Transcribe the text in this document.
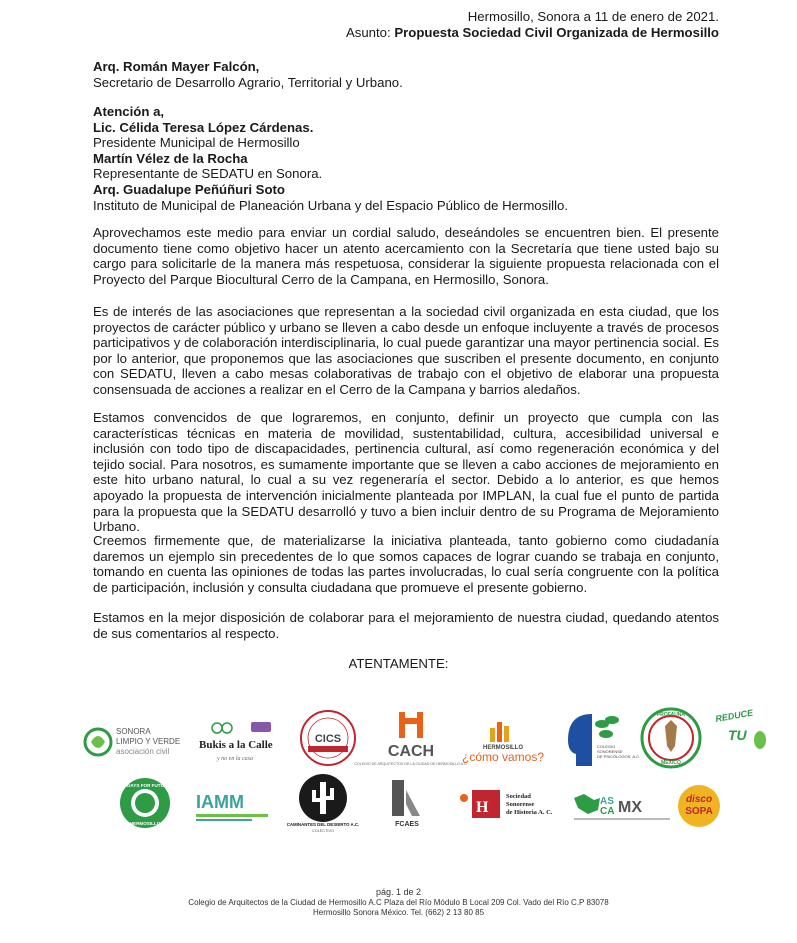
Hermosillo, Sonora a 11 de enero de 2021.
Asunto: Propuesta Sociedad Civil Organizada de Hermosillo
Arq. Román Mayer Falcón,
Secretario de Desarrollo Agrario, Territorial y Urbano.
Atención a,
Lic. Célida Teresa López Cárdenas.
Presidente Municipal de Hermosillo
Martín Vélez de la Rocha
Representante de SEDATU en Sonora.
Arq. Guadalupe Peñúñuri Soto
Instituto de Municipal de Planeación Urbana y del Espacio Público de Hermosillo.
Aprovechamos este medio para enviar un cordial saludo, deseándoles se encuentren bien. El presente documento tiene como objetivo hacer un atento acercamiento con la Secretaría que tiene usted bajo su cargo para solicitarle de la manera más respetuosa, considerar la siguiente propuesta relacionada con el Proyecto del Parque Biocultural Cerro de la Campana, en Hermosillo, Sonora.
Es de interés de las asociaciones que representan a la sociedad civil organizada en esta ciudad, que los proyectos de carácter público y urbano se lleven a cabo desde un enfoque incluyente a través de procesos participativos y de colaboración interdisciplinaria, lo cual puede garantizar una mayor pertinencia social. Es por lo anterior, que proponemos que las asociaciones que suscriben el presente documento, en conjunto con SEDATU, lleven a cabo mesas colaborativas de trabajo con el objetivo de elaborar una propuesta consensuada de acciones a realizar en el Cerro de la Campana y barrios aledaños.
Estamos convencidos de que lograremos, en conjunto, definir un proyecto que cumpla con las características técnicas en materia de movilidad, sustentabilidad, cultura, accesibilidad universal e inclusión con todo tipo de discapacidades, pertinencia cultural, así como regeneración económica y del tejido social. Para nosotros, es sumamente importante que se lleven a cabo acciones de mejoramiento en este hito urbano natural, lo cual a su vez regeneraría el sector. Debido a lo anterior, es que hemos apoyado la propuesta de intervención inicialmente planteada por IMPLAN, la cual fue el punto de partida para la propuesta que la SEDATU desarrolló y tuvo a bien incluir dentro de su Programa de Mejoramiento Urbano.
Creemos firmemente que, de materializarse la iniciativa planteada, tanto gobierno como ciudadanía daremos un ejemplo sin precedentes de lo que somos capaces de lograr cuando se trabaja en conjunto, tomando en cuenta las opiniones de todas las partes involucradas, lo cual sería congruente con la política de participación, inclusión y consulta ciudadana que promueve el presente gobierno.
Estamos en la mejor disposición de colaborar para el mejoramiento de nuestra ciudad, quedando atentos de sus comentarios al respecto.
ATENTAMENTE:
SONORA
LIMPIO Y VERDE
asociación civil
Bukis a la Calle
y no en la casa
CICS
CACH
COLEGIO DE ARQUITECTOS DE LA CIUDAD DE HERMOSILLO A.C.
HERMOSILLO
¿cómo vamos?
COLEGIO
SONORENSE
DE PSICÓLOGOS, A.C.
PROFAUNA
MÉXICO
REDUCE
TU
FRIDAYS FOR FUTURE
HERMOSILLO
IAMM
CAMINANTES DEL DESIERTO A.C.
COLECTIVO
FCAES
H
Sociedad
Sonorense
de Historia A. C.
AS
CA MX	disco
SOPA
pág. 1 de 2
Colegio de Arquitectos de la Ciudad de Hermosillo A.C Plaza del Río Módulo B Local 209 Col. Vado del Río C.P 83078
Hermosillo Sonora México. Tel. (662) 2 13 80 85
